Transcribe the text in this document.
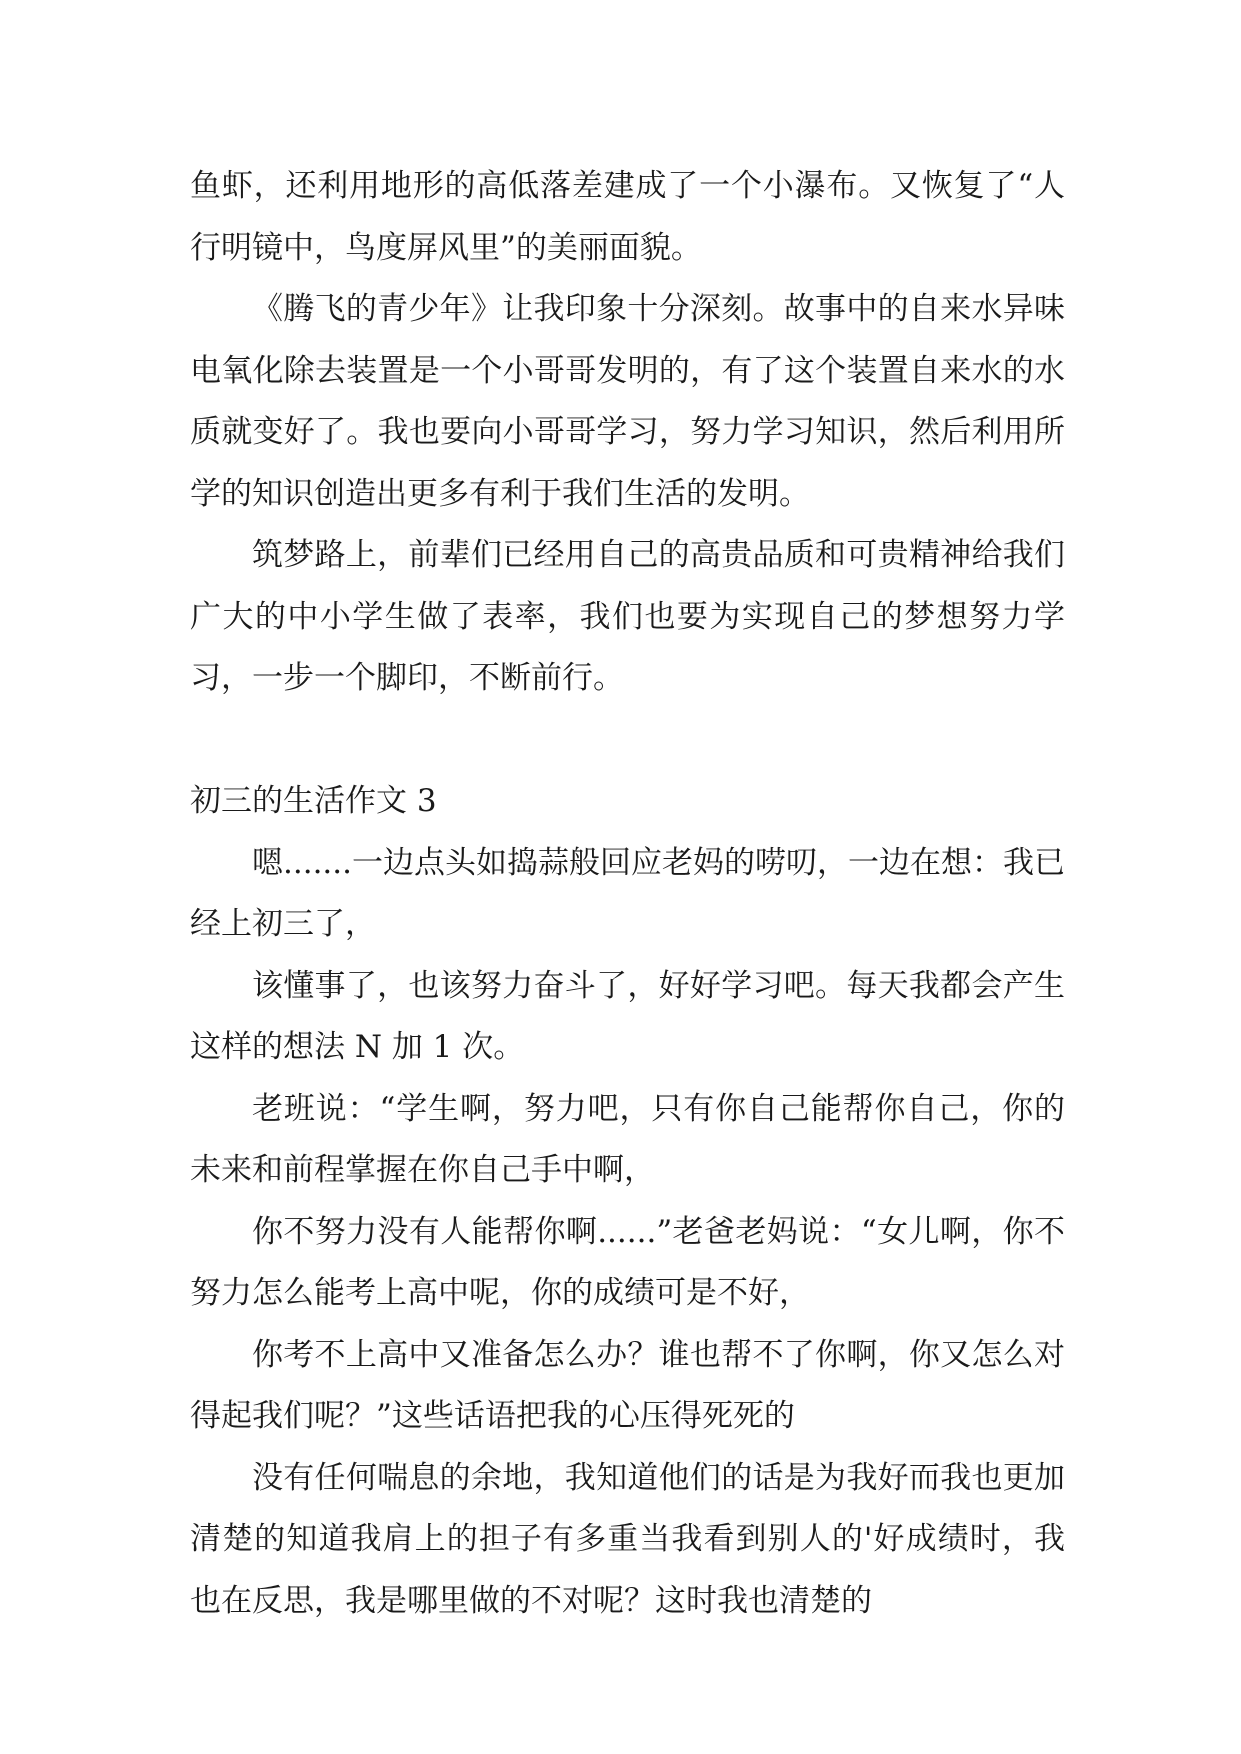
鱼虾，还利用地形的高低落差建成了一个小瀑布。又恢复了“人行明镜中，鸟度屏风里”的美丽面貌。

《腾飞的青少年》让我印象十分深刻。故事中的自来水异味电氧化除去装置是一个小哥哥发明的，有了这个装置自来水的水质就变好了。我也要向小哥哥学习，努力学习知识，然后利用所学的知识创造出更多有利于我们生活的发明。

筑梦路上，前辈们已经用自己的高贵品质和可贵精神给我们广大的中小学生做了表率，我们也要为实现自己的梦想努力学习，一步一个脚印，不断前行。

初三的生活作文 3

嗯.......一边点头如捣蒜般回应老妈的唠叨，一边在想：我已经上初三了，

该懂事了，也该努力奋斗了，好好学习吧。每天我都会产生这样的想法 N 加 1 次。

老班说：“学生啊，努力吧，只有你自己能帮你自己，你的未来和前程掌握在你自己手中啊，

你不努力没有人能帮你啊......”老爸老妈说：“女儿啊，你不努力怎么能考上高中呢，你的成绩可是不好，

你考不上高中又准备怎么办？谁也帮不了你啊，你又怎么对得起我们呢？”这些话语把我的心压得死死的

没有任何喘息的余地，我知道他们的话是为我好而我也更加清楚的知道我肩上的担子有多重当我看到别人的'好成绩时，我也在反思，我是哪里做的不对呢？这时我也清楚的
